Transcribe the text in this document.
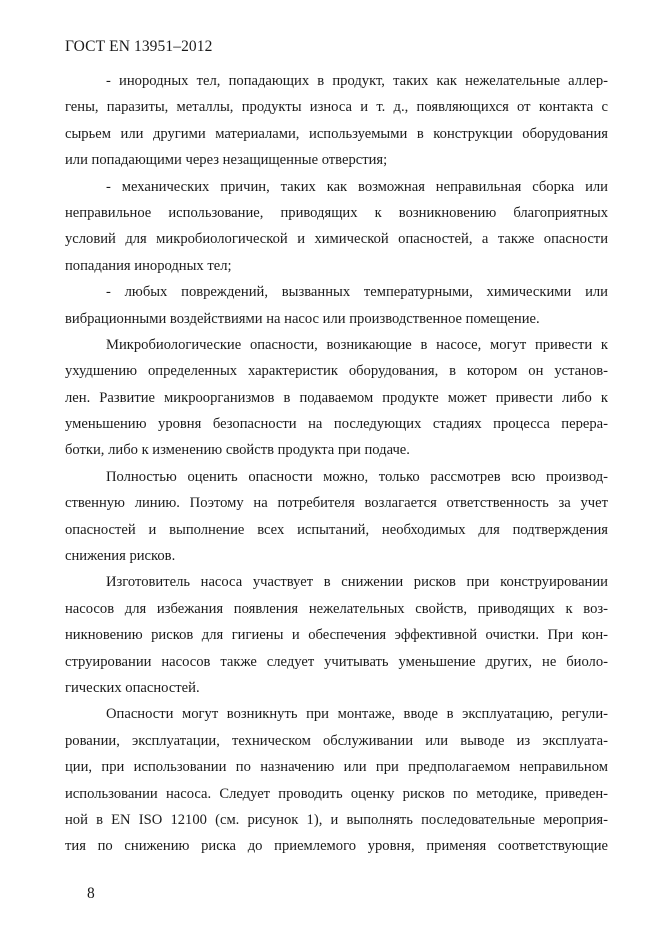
ГОСТ EN 13951–2012
- инородных тел, попадающих в продукт, таких как нежелательные аллер-
гены, паразиты, металлы, продукты износа и т. д., появляющихся от контакта с
сырьем или другими материалами, используемыми в конструкции оборудования
или попадающими через незащищенные отверстия;
- механических причин, таких как возможная неправильная сборка или
неправильное использование, приводящих к возникновению благоприятных
условий для микробиологической и химической опасностей, а также опасности
попадания инородных тел;
- любых повреждений, вызванных температурными, химическими или
вибрационными воздействиями на насос или производственное помещение.
Микробиологические опасности, возникающие в насосе, могут привести к
ухудшению определенных характеристик оборудования, в котором он установ-
лен. Развитие микроорганизмов в подаваемом продукте может привести либо к
уменьшению уровня безопасности на последующих стадиях процесса перера-
ботки, либо к изменению свойств продукта при подаче.
Полностью оценить опасности можно, только рассмотрев всю производ-
ственную линию. Поэтому на потребителя возлагается ответственность за учет
опасностей и выполнение всех испытаний, необходимых для подтверждения
снижения рисков.
Изготовитель насоса участвует в снижении рисков при конструировании
насосов для избежания появления нежелательных свойств, приводящих к воз-
никновению рисков для гигиены и обеспечения эффективной очистки. При кон-
струировании насосов также следует учитывать уменьшение других, не биоло-
гических опасностей.
Опасности могут возникнуть при монтаже, вводе в эксплуатацию, регули-
ровании, эксплуатации, техническом обслуживании или выводе из эксплуата-
ции, при использовании по назначению или при предполагаемом неправильном
использовании насоса. Следует проводить оценку рисков по методике, приведен-
ной в EN ISO 12100 (см. рисунок 1), и выполнять последовательные мероприя-
тия по снижению риска до приемлемого уровня, применяя соответствующие
8
